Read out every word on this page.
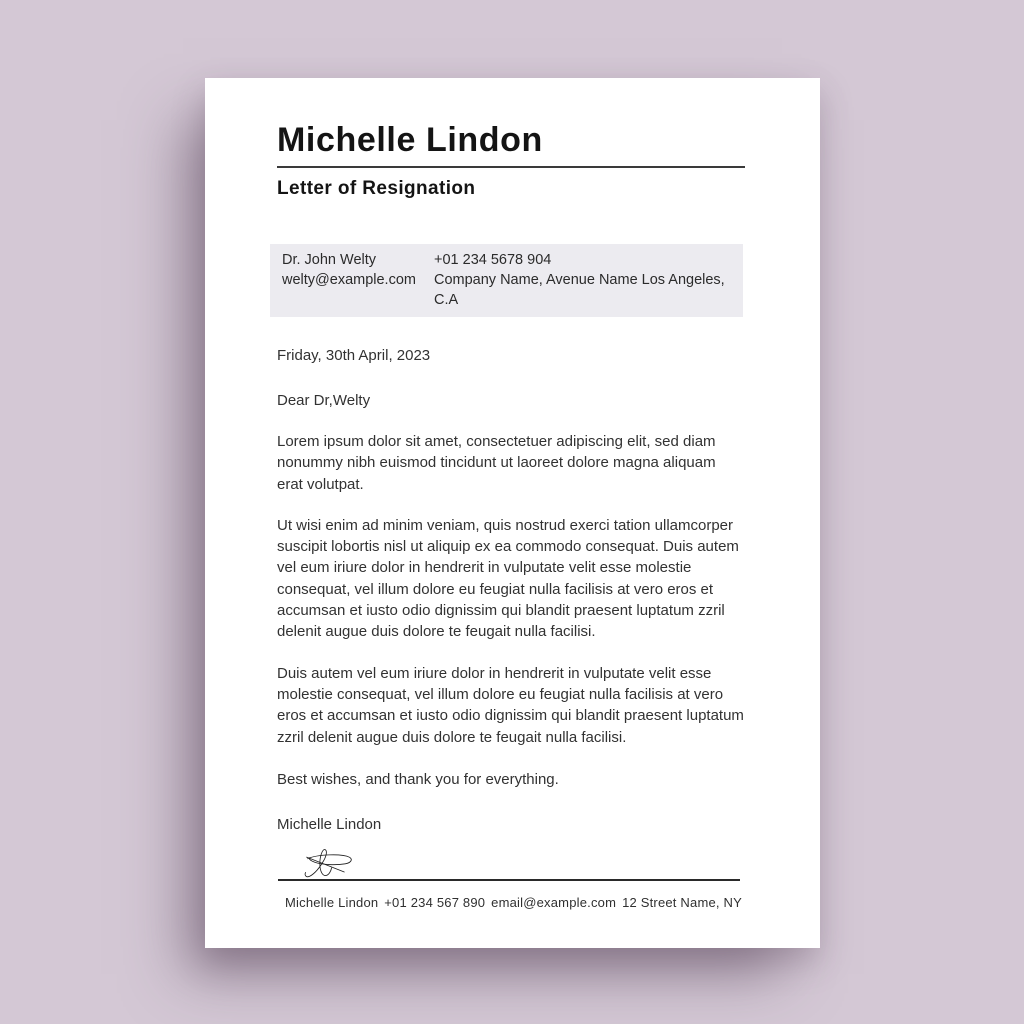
Michelle Lindon
Letter of Resignation
Dr. John Welty
welty@example.com
+01 234 5678 904
Company Name, Avenue Name Los Angeles, C.A

Friday, 30th April, 2023

Dear Dr,Welty

Lorem ipsum dolor sit amet, consectetuer adipiscing elit, sed diam nonummy nibh euismod tincidunt ut laoreet dolore magna aliquam erat volutpat.

Ut wisi enim ad minim veniam, quis nostrud exerci tation ullamcorper suscipit lobortis nisl ut aliquip ex ea commodo consequat. Duis autem vel eum iriure dolor in hendrerit in vulputate velit esse molestie consequat, vel illum dolore eu feugiat nulla facilisis at vero eros et accumsan et iusto odio dignissim qui blandit praesent luptatum zzril delenit augue duis dolore te feugait nulla facilisi.

Duis autem vel eum iriure dolor in hendrerit in vulputate velit esse molestie consequat, vel illum dolore eu feugiat nulla facilisis at vero eros et accumsan et iusto odio dignissim qui blandit praesent luptatum zzril delenit augue duis dolore te feugait nulla facilisi.

Best wishes, and thank you for everything.

Michelle Lindon

Michelle Lindon +01 234 567 890 email@example.com 12 Street Name, NY
